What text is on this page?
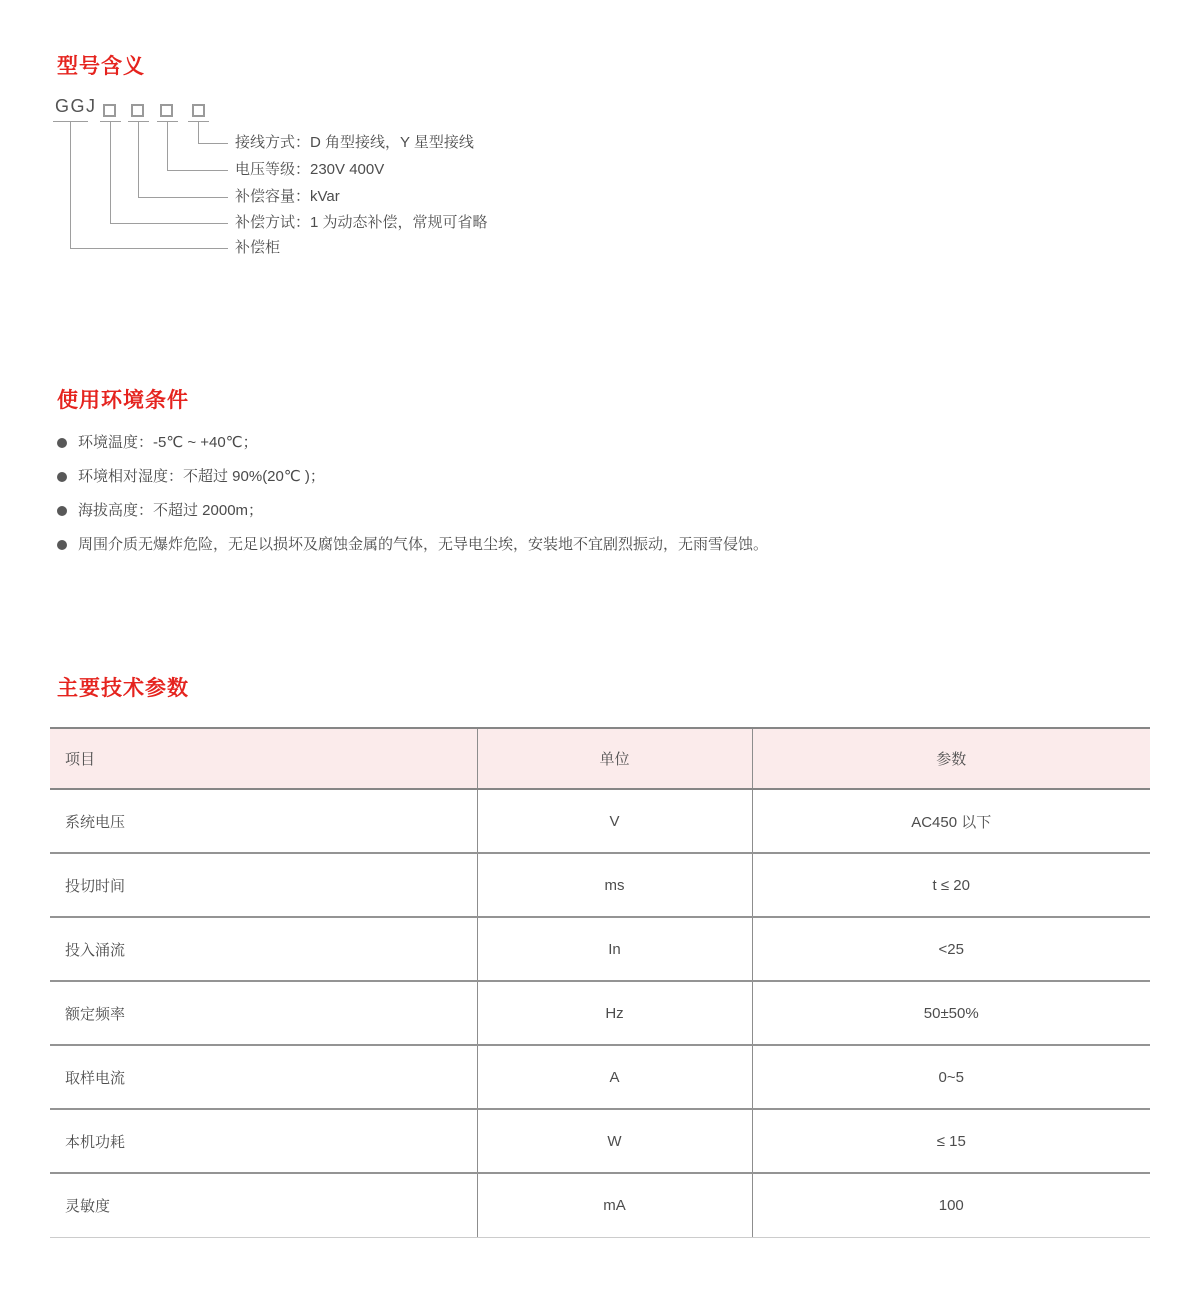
型号含义
GGJ
接线方式：D 角型接线，Y 星型接线
电压等级：230V 400V
补偿容量：kVar
补偿方试：1 为动态补偿，常规可省略
补偿柜
使用环境条件
环境温度：-5℃ ~ +40℃；
环境相对湿度：不超过 90%(20℃ )；
海拔高度：不超过 2000m；
周围介质无爆炸危险，无足以损坏及腐蚀金属的气体，无导电尘埃，安装地不宜剧烈振动，无雨雪侵蚀。
主要技术参数
项目	单位	参数
系统电压	V	AC450 以下
投切时间	ms	t ≤ 20
投入涌流	In	<25
额定频率	Hz	50±50%
取样电流	A	0~5
本机功耗	W	≤ 15
灵敏度	mA	100
